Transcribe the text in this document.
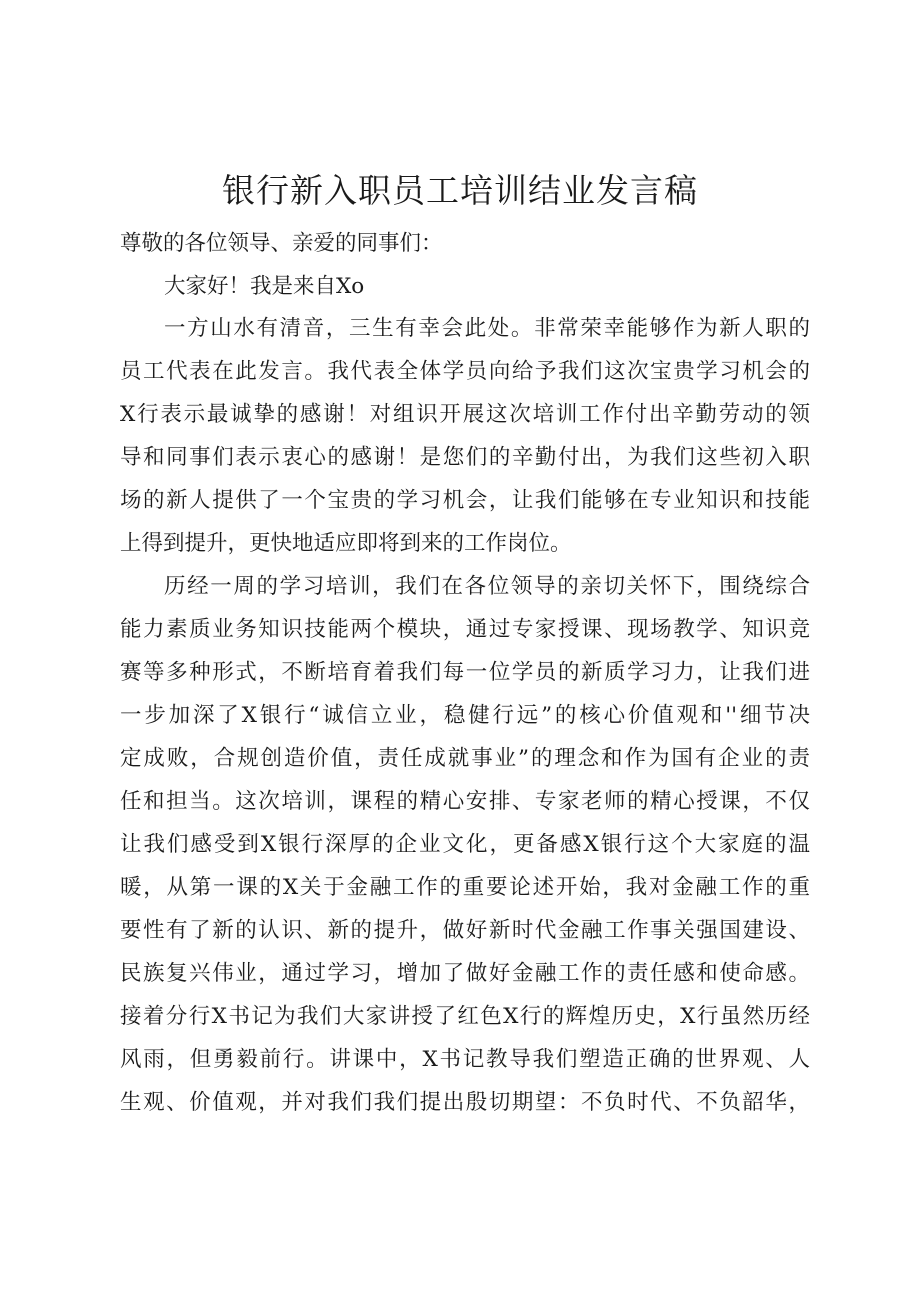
银行新入职员工培训结业发言稿

尊敬的各位领导、亲爱的同事们：

大家好！我是来自Xo

一方山水有清音，三生有幸会此处。非常荣幸能够作为新人职的

员工代表在此发言。我代表全体学员向给予我们这次宝贵学习机会的

X行表示最诚挚的感谢！对组识开展这次培训工作付出辛勤劳动的领

导和同事们表示衷心的感谢！是您们的辛勤付出，为我们这些初入职

场的新人提供了一个宝贵的学习机会，让我们能够在专业知识和技能

上得到提升，更快地适应即将到来的工作岗位。

历经一周的学习培训，我们在各位领导的亲切关怀下，围绕综合

能力素质业务知识技能两个模块，通过专家授课、现场教学、知识竞

赛等多种形式，不断培育着我们每一位学员的新质学习力，让我们进

一步加深了X银行“诚信立业，稳健行远”的核心价值观和''细节决

定成败，合规创造价值，责任成就事业”的理念和作为国有企业的责

任和担当。这次培训，课程的精心安排、专家老师的精心授课，不仅

让我们感受到X银行深厚的企业文化，更备感X银行这个大家庭的温

暖，从第一课的X关于金融工作的重要论述开始，我对金融工作的重

要性有了新的认识、新的提升，做好新时代金融工作事关强国建设、

民族复兴伟业，通过学习，增加了做好金融工作的责任感和使命感。

接着分行X书记为我们大家讲授了红色X行的辉煌历史，X行虽然历经

风雨，但勇毅前行。讲课中，X书记教导我们塑造正确的世界观、人

生观、价值观，并对我们我们提出殷切期望：不负时代、不负韶华，
